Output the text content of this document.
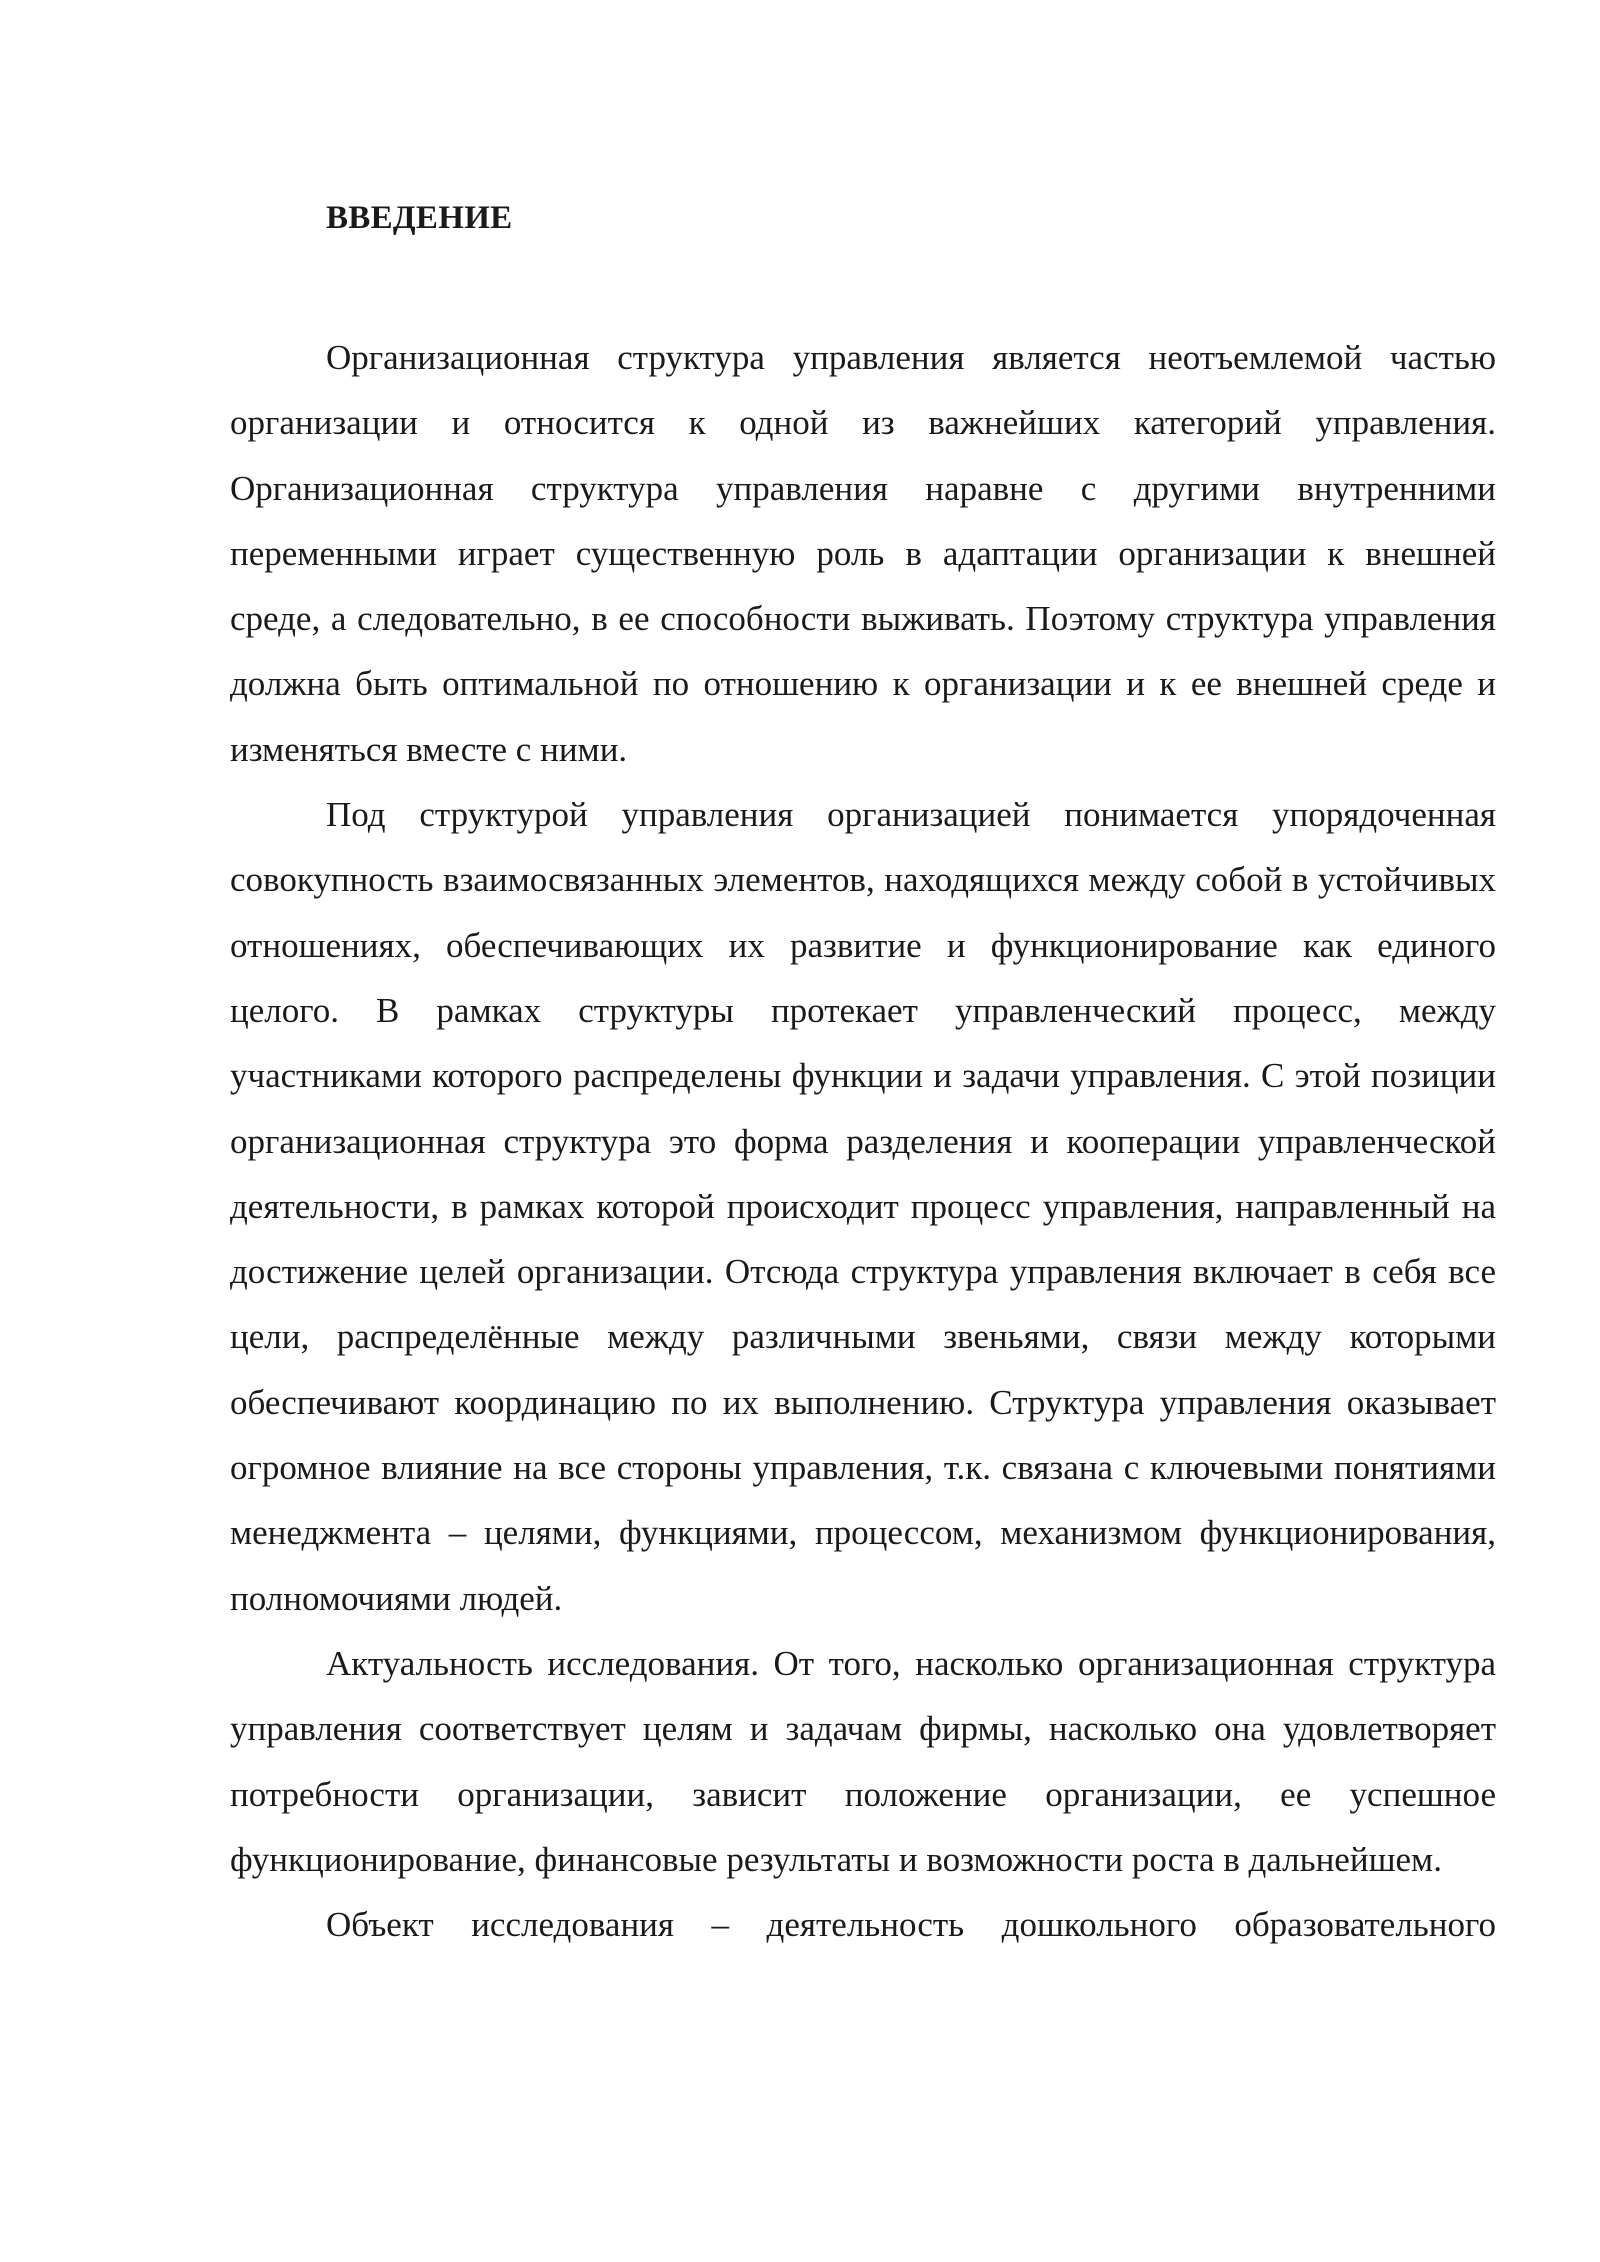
ВВЕДЕНИЕ

Организационная структура управления является неотъемлемой частью организации и относится к одной из важнейших категорий управления. Организационная структура управления наравне с другими внутренними переменными играет существенную роль в адаптации организации к внешней среде, а следовательно, в ее способности выживать. Поэтому структура управления должна быть оптимальной по отношению к организации и к ее внешней среде и изменяться вместе с ними.

Под структурой управления организацией понимается упорядоченная совокупность взаимосвязанных элементов, находящихся между собой в устойчивых отношениях, обеспечивающих их развитие и функционирование как единого целого. В рамках структуры протекает управленческий процесс, между участниками которого распределены функции и задачи управления. С этой позиции организационная структура это форма разделения и кооперации управленческой деятельности, в рамках которой происходит процесс управления, направленный на достижение целей организации. Отсюда структура управления включает в себя все цели, распределённые между различными звеньями, связи между которыми обеспечивают координацию по их выполнению. Структура управления оказывает огромное влияние на все стороны управления, т.к. связана с ключевыми понятиями менеджмента – целями, функциями, процессом, механизмом функционирования, полномочиями людей.

Актуальность исследования. От того, насколько организационная структура управления соответствует целям и задачам фирмы, насколько она удовлетворяет потребности организации, зависит положение организации, ее успешное функционирование, финансовые результаты и возможности роста в дальнейшем.

Объект исследования – деятельность дошкольного образовательного
